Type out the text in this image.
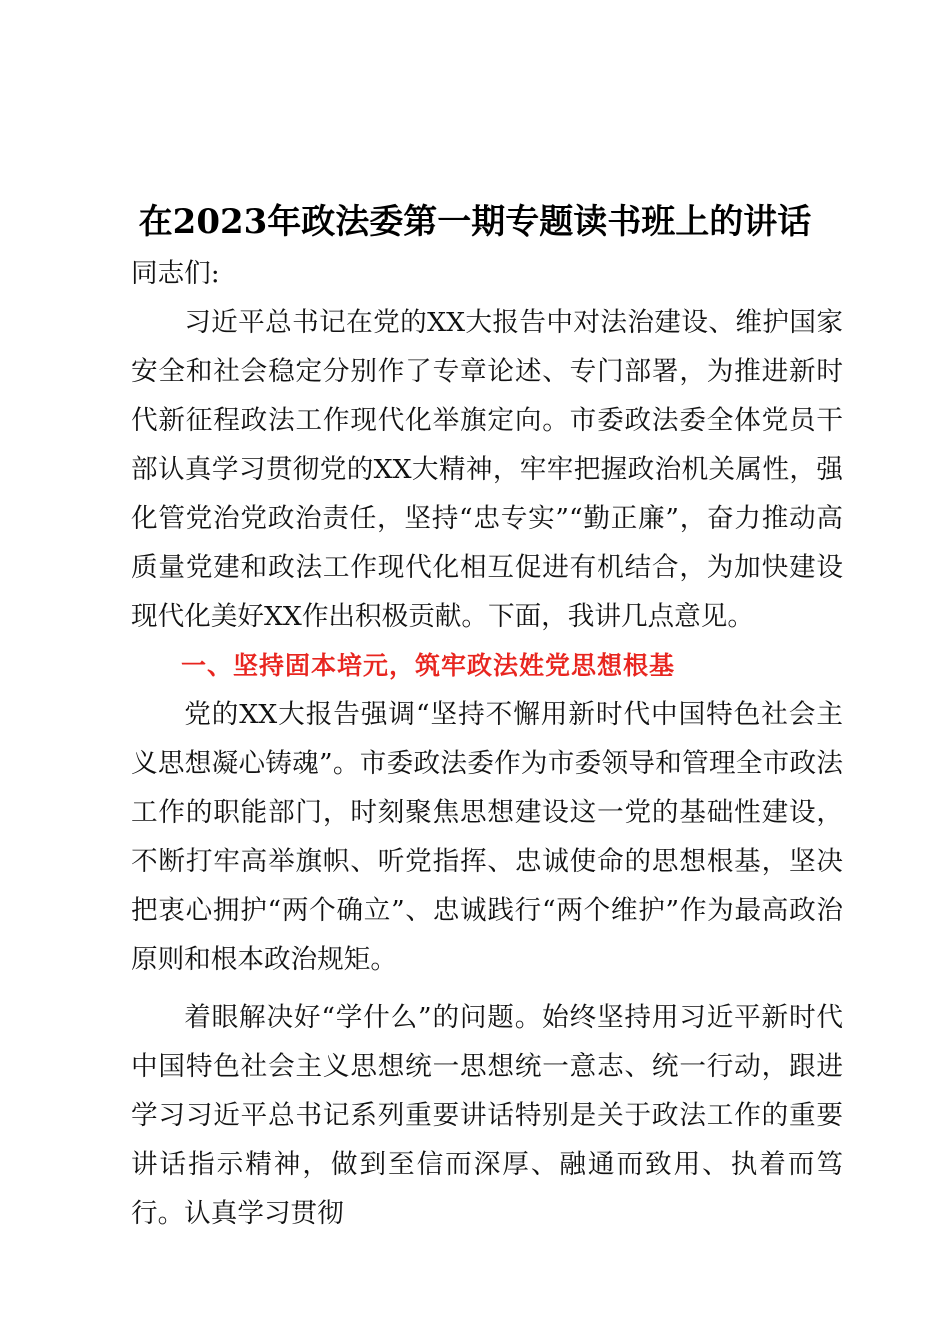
在2023年政法委第一期专题读书班上的讲话

同志们:

习近平总书记在党的XX大报告中对法治建设、维护国家安全和社会稳定分别作了专章论述、专门部署，为推进新时代新征程政法工作现代化举旗定向。市委政法委全体党员干部认真学习贯彻党的XX大精神，牢牢把握政治机关属性，强化管党治党政治责任，坚持“忠专实”“勤正廉”，奋力推动高质量党建和政法工作现代化相互促进有机结合，为加快建设现代化美好XX作出积极贡献。下面，我讲几点意见。

一、坚持固本培元，筑牢政法姓党思想根基

党的XX大报告强调“坚持不懈用新时代中国特色社会主义思想凝心铸魂”。市委政法委作为市委领导和管理全市政法工作的职能部门，时刻聚焦思想建设这一党的基础性建设，不断打牢高举旗帜、听党指挥、忠诚使命的思想根基，坚决把衷心拥护“两个确立”、忠诚践行“两个维护”作为最高政治原则和根本政治规矩。

着眼解决好“学什么”的问题。始终坚持用习近平新时代中国特色社会主义思想统一思想统一意志、统一行动，跟进学习习近平总书记系列重要讲话特别是关于政法工作的重要讲话指示精神，做到至信而深厚、融通而致用、执着而笃行。认真学习贯彻
